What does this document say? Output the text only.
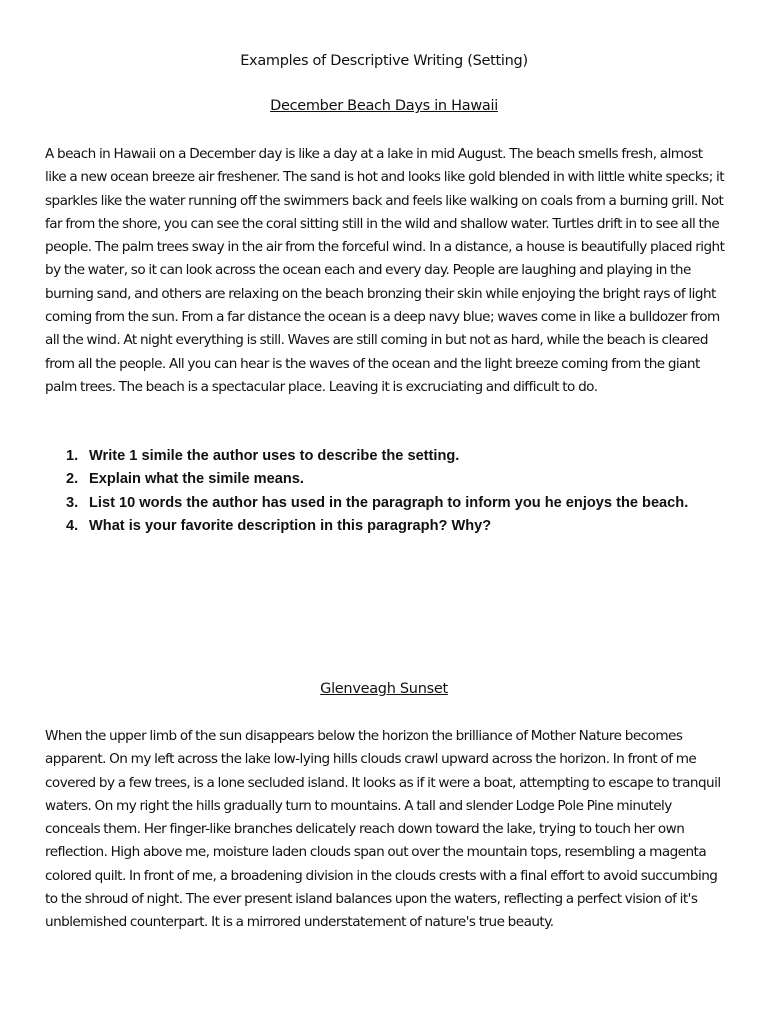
Examples of Descriptive Writing (Setting)
December Beach Days in Hawaii

A beach in Hawaii on a December day is like a day at a lake in mid August. The beach smells fresh, almost like a new ocean breeze air freshener. The sand is hot and looks like gold blended in with little white specks; it sparkles like the water running off the swimmers back and feels like walking on coals from a burning grill. Not far from the shore, you can see the coral sitting still in the wild and shallow water. Turtles drift in to see all the people. The palm trees sway in the air from the forceful wind. In a distance, a house is beautifully placed right by the water, so it can look across the ocean each and every day. People are laughing and playing in the burning sand, and others are relaxing on the beach bronzing their skin while enjoying the bright rays of light coming from the sun. From a far distance the ocean is a deep navy blue; waves come in like a bulldozer from all the wind. At night everything is still. Waves are still coming in but not as hard, while the beach is cleared from all the people. All you can hear is the waves of the ocean and the light breeze coming from the giant palm trees. The beach is a spectacular place. Leaving it is excruciating and difficult to do.

1. Write 1 simile the author uses to describe the setting.
2. Explain what the simile means.
3. List 10 words the author has used in the paragraph to inform you he enjoys the beach.
4. What is your favorite description in this paragraph? Why?
Glenveagh Sunset

When the upper limb of the sun disappears below the horizon the brilliance of Mother Nature becomes apparent. On my left across the lake low-lying hills clouds crawl upward across the horizon. In front of me covered by a few trees, is a lone secluded island. It looks as if it were a boat, attempting to escape to tranquil waters. On my right the hills gradually turn to mountains. A tall and slender Lodge Pole Pine minutely conceals them. Her finger-like branches delicately reach down toward the lake, trying to touch her own reflection. High above me, moisture laden clouds span out over the mountain tops, resembling a magenta colored quilt. In front of me, a broadening division in the clouds crests with a final effort to avoid succumbing to the shroud of night. The ever present island balances upon the waters, reflecting a perfect vision of it's unblemished counterpart. It is a mirrored understatement of nature's true beauty.
